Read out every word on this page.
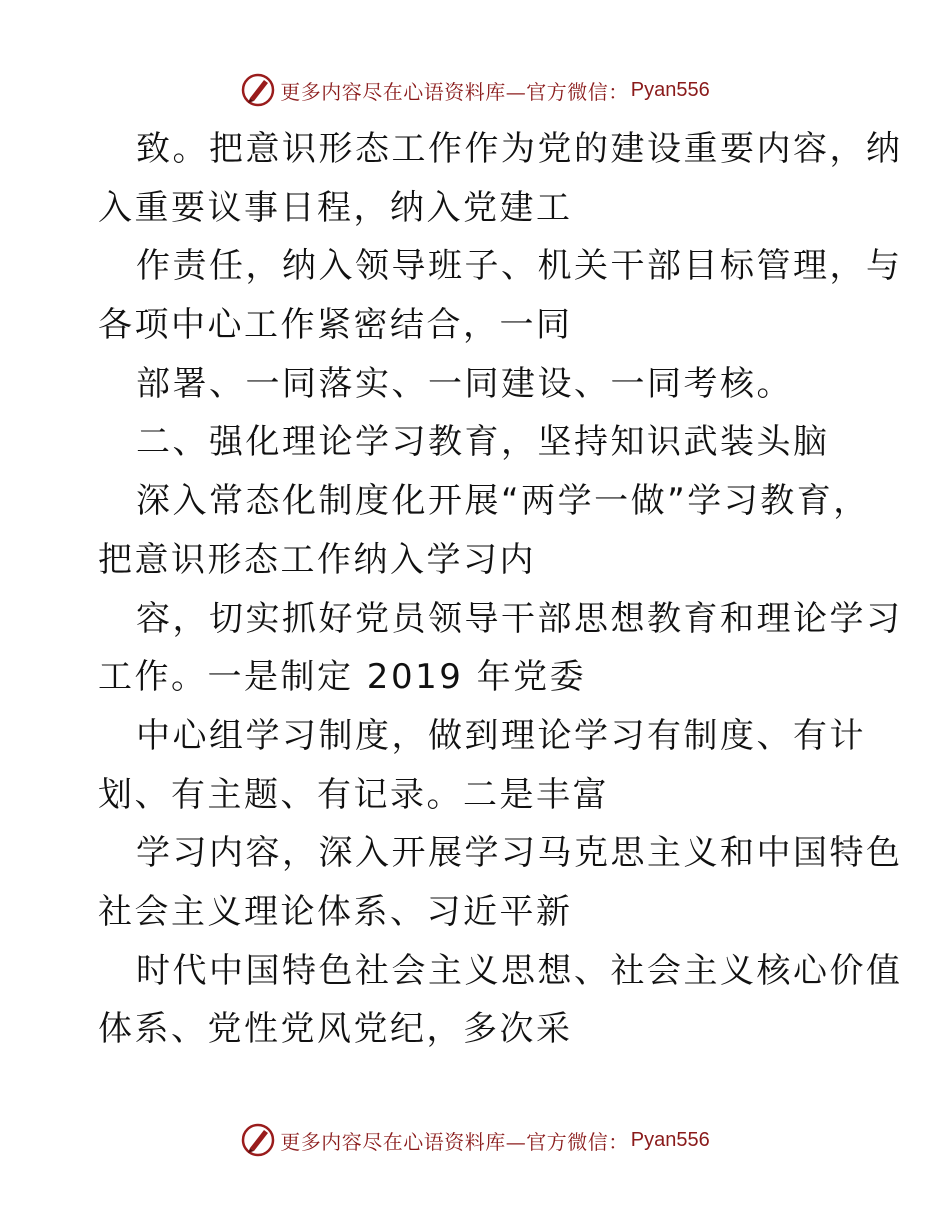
更多内容尽在心语资料库—官方微信： Pyan556
致。把意识形态工作作为党的建设重要内容，纳
入重要议事日程，纳入党建工
作责任，纳入领导班子、机关干部目标管理，与
各项中心工作紧密结合，一同
部署、一同落实、一同建设、一同考核。
二、强化理论学习教育，坚持知识武装头脑
深入常态化制度化开展“两学一做”学习教育，
把意识形态工作纳入学习内
容，切实抓好党员领导干部思想教育和理论学习
工作。一是制定 2019 年党委
中心组学习制度，做到理论学习有制度、有计
划、有主题、有记录。二是丰富
学习内容，深入开展学习马克思主义和中国特色
社会主义理论体系、习近平新
时代中国特色社会主义思想、社会主义核心价值
体系、党性党风党纪，多次采
更多内容尽在心语资料库—官方微信： Pyan556
